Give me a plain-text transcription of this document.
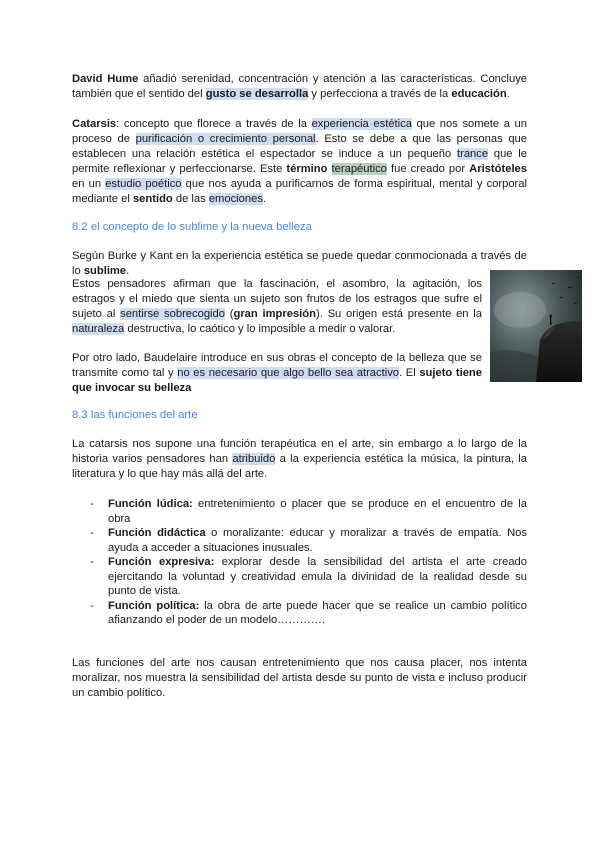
David Hume añadió serenidad, concentración y atención a las características. Concluye también que el sentido del gusto se desarrolla y perfecciona a través de la educación.

Catarsis: concepto que florece a través de la experiencia estética que nos somete a un proceso de purificación o crecimiento personal. Esto se debe a que las personas que establecen una relación estética el espectador se induce a un pequeño trance que le permite reflexionar y perfeccionarse. Este término terapéutico fue creado por Aristóteles en un estudio poético que nos ayuda a purificarnos de forma espiritual, mental y corporal mediante el sentido de las emociones.

8.2 el concepto de lo sublime y la nueva belleza

Según Burke y Kant en la experiencia estética se puede quedar conmocionada a través de lo sublime.

Estos pensadores afirman que la fascinación, el asombro, la agitación, los estragos y el miedo que sienta un sujeto son frutos de los estragos que sufre el sujeto al sentirse sobrecogido (gran impresión). Su origen está presente en la naturaleza destructiva, lo caótico y lo imposible a medir o valorar.

Por otro lado, Baudelaire introduce en sus obras el concepto de la belleza que se transmite como tal y no es necesario que algo bello sea atractivo. El sujeto tiene que invocar su belleza

8.3 las funciones del arte

La catarsis nos supone una función terapéutica en el arte, sin embargo a lo largo de la historia varios pensadores han atribuido a la experiencia estética la música, la pintura, la literatura y lo que hay más allá del arte.

- Función lúdica: entretenimiento o placer que se produce en el encuentro de la obra
- Función didáctica o moralizante: educar y moralizar a través de empatía. Nos ayuda a acceder a situaciones inusuales.
- Función expresiva: explorar desde la sensibilidad del artista el arte creado ejercitando la voluntad y creatividad emula la divinidad de la realidad desde su punto de vista.
- Función política: la obra de arte puede hacer que se realice un cambio político afianzando el poder de un modelo………….

Las funciones del arte nos causan entretenimiento que nos causa placer, nos intenta moralizar, nos muestra la sensibilidad del artista desde su punto de vista e incluso producir un cambio político.
